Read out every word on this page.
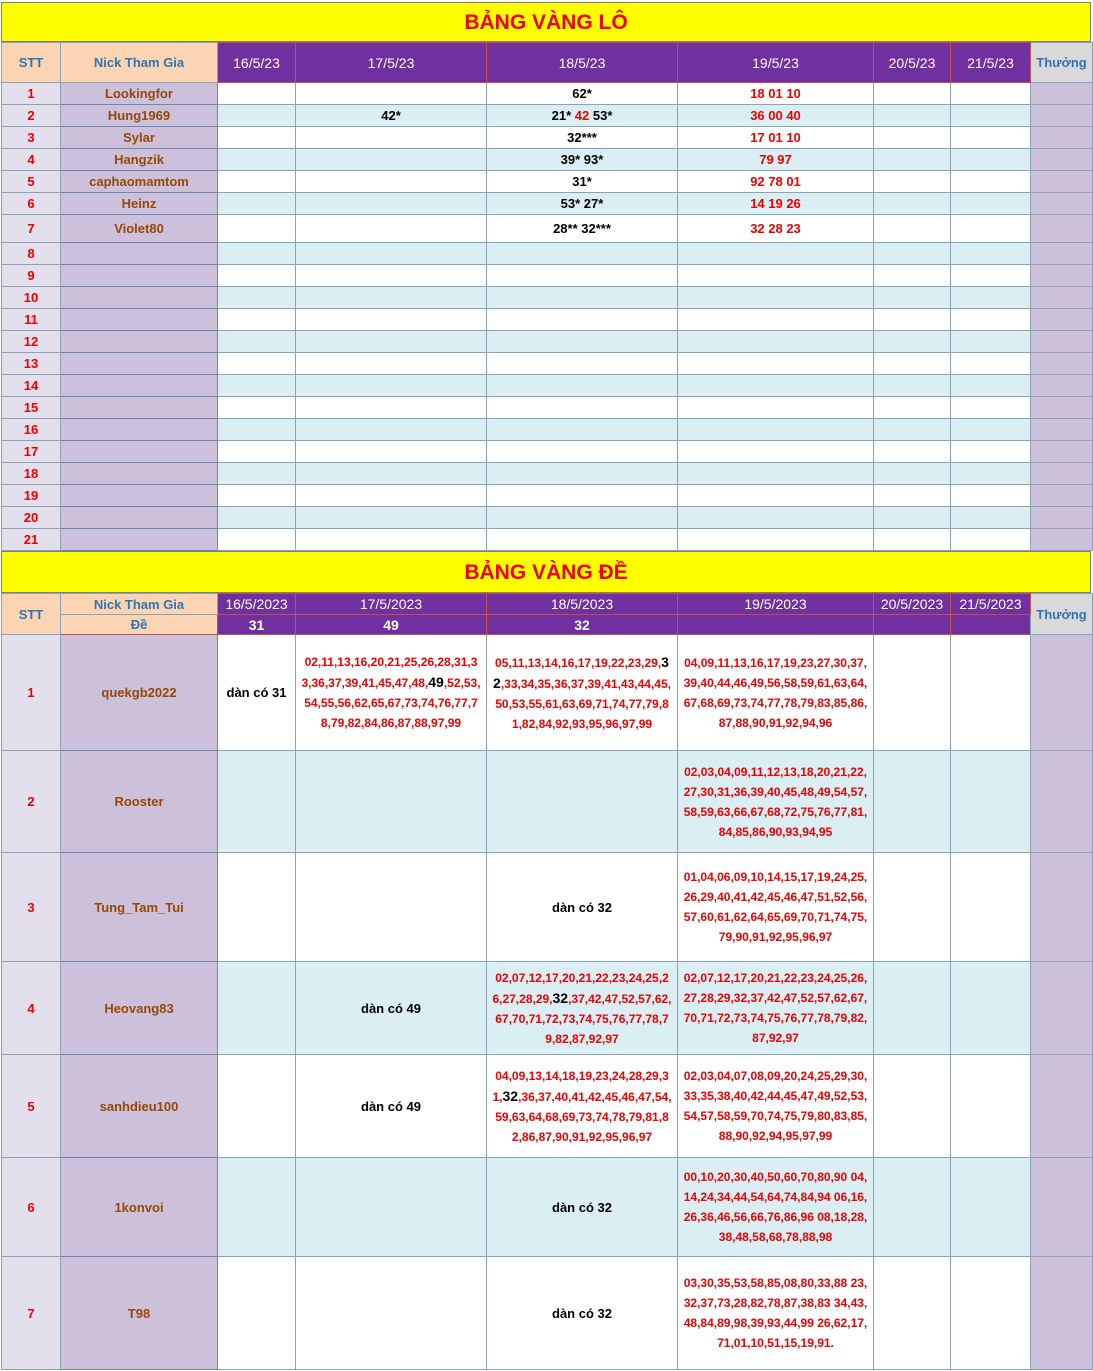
BẢNG VÀNG LÔ
STT	Nick Tham Gia	16/5/23	17/5/23	18/5/23	19/5/23	20/5/23	21/5/23	Thưởng
1	Lookingfor			62*	18 01 10			
2	Hung1969		42*	21* 42 53*	36 00 40			
3	Sylar			32***	17 01 10			
4	Hangzik			39* 93*	79 97			
5	caphaomamtom			31*	92 78 01			
6	Heinz			53* 27*	14 19 26			
7	Violet80			28** 32***	32 28 23			
8								
9								
10								
11								
12								
13								
14								
15								
16								
17								
18								
19								
20								
21								
BẢNG VÀNG ĐỀ
STT	Nick Tham Gia	16/5/2023	17/5/2023	18/5/2023	19/5/2023	20/5/2023	21/5/2023	Thưởng
	Đề	31	49	32				
1	quekgb2022	dàn có 31	02,11,13,16,20,21,25,26,28,31,33,36,37,39,41,45,47,48,49,52,53,54,55,56,62,65,67,73,74,76,77,78,79,82,84,86,87,88,97,99	05,11,13,14,16,17,19,22,23,29,32,33,34,35,36,37,39,41,43,44,45,50,53,55,61,63,69,71,74,77,79,81,82,84,92,93,95,96,97,99	04,09,11,13,16,17,19,23,27,30,37,39,40,44,46,49,56,58,59,61,63,64,67,68,69,73,74,77,78,79,83,85,86,87,88,90,91,92,94,96			
2	Rooster				02,03,04,09,11,12,13,18,20,21,22,27,30,31,36,39,40,45,48,49,54,57,58,59,63,66,67,68,72,75,76,77,81,84,85,86,90,93,94,95			
3	Tung_Tam_Tui			dàn có 32	01,04,06,09,10,14,15,17,19,24,25,26,29,40,41,42,45,46,47,51,52,56,57,60,61,62,64,65,69,70,71,74,75,79,90,91,92,95,96,97			
4	Heovang83		dàn có 49	02,07,12,17,20,21,22,23,24,25,26,27,28,29,32,37,42,47,52,57,62,67,70,71,72,73,74,75,76,77,78,79,82,87,92,97	02,07,12,17,20,21,22,23,24,25,26,27,28,29,32,37,42,47,52,57,62,67,70,71,72,73,74,75,76,77,78,79,82,87,92,97			
5	sanhdieu100		dàn có 49	04,09,13,14,18,19,23,24,28,29,31,32,36,37,40,41,42,45,46,47,54,59,63,64,68,69,73,74,78,79,81,82,86,87,90,91,92,95,96,97	02,03,04,07,08,09,20,24,25,29,30,33,35,38,40,42,44,45,47,49,52,53,54,57,58,59,70,74,75,79,80,83,85,88,90,92,94,95,97,99			
6	1konvoi			dàn có 32	00,10,20,30,40,50,60,70,80,90 04,14,24,34,44,54,64,74,84,94 06,16,26,36,46,56,66,76,86,96 08,18,28,38,48,58,68,78,88,98			
7	T98			dàn có 32	03,30,35,53,58,85,08,80,33,88 23,32,37,73,28,82,78,87,38,83 34,43,48,84,89,98,39,93,44,99 26,62,17,71,01,10,51,15,19,91.			
